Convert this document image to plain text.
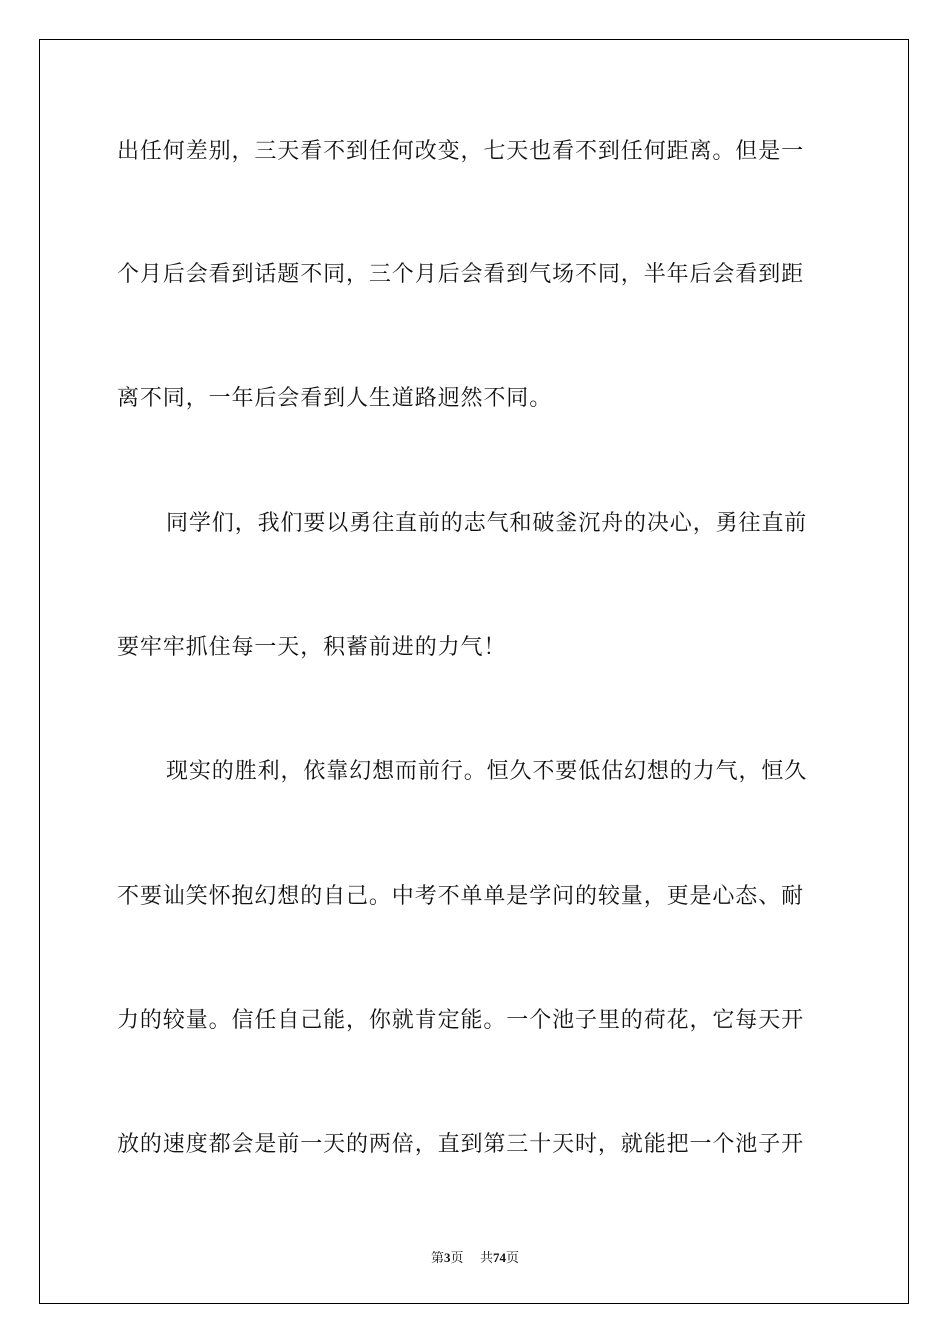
出任何差别，三天看不到任何改变，七天也看不到任何距离。但是一
个月后会看到话题不同，三个月后会看到气场不同，半年后会看到距
离不同，一年后会看到人生道路迥然不同。
同学们，我们要以勇往直前的志气和破釜沉舟的决心，勇往直前
要牢牢抓住每一天，积蓄前进的力气！
现实的胜利，依靠幻想而前行。恒久不要低估幻想的力气，恒久
不要讪笑怀抱幻想的自己。中考不单单是学问的较量，更是心态、耐
力的较量。信任自己能，你就肯定能。一个池子里的荷花，它每天开
放的速度都会是前一天的两倍，直到第三十天时，就能把一个池子开
第3页 共74页
